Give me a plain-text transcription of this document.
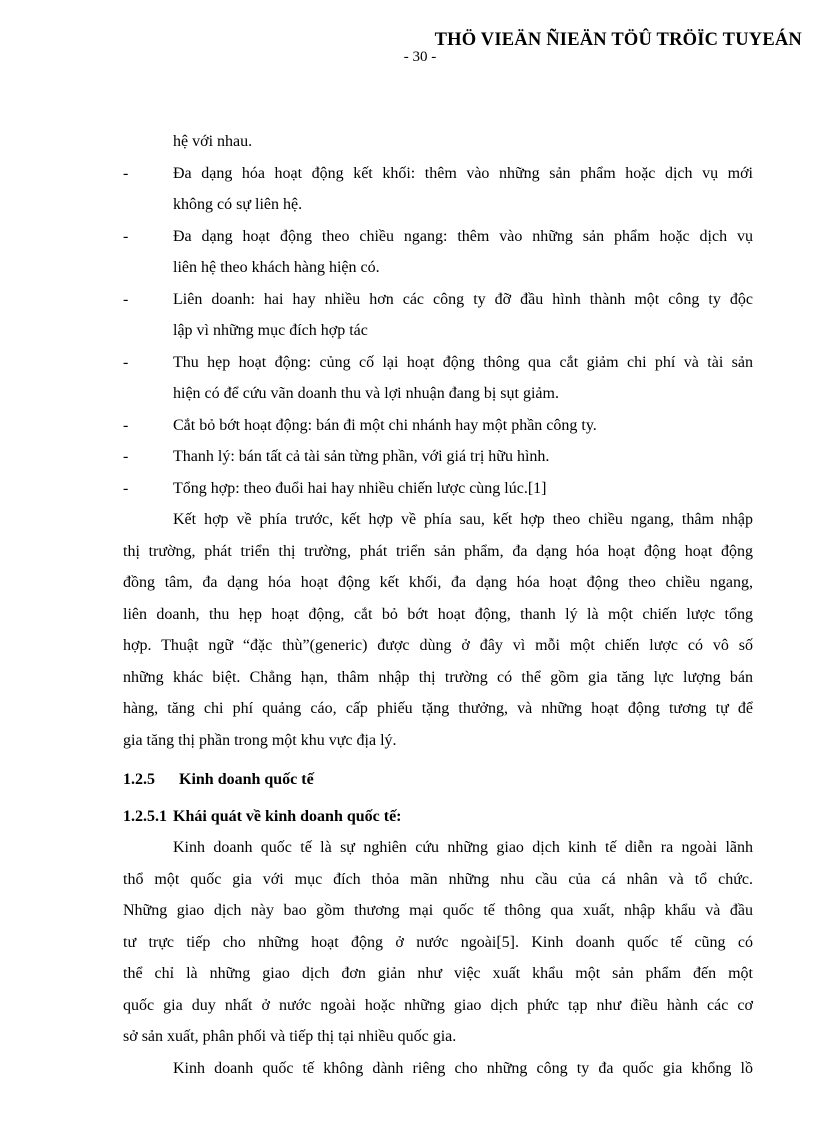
THÖ VIEÄN ÑIEÄN TÖÛ TRÖÏC TUYEÁN
- 30 -
hệ với nhau.
-	Đa dạng hóa hoạt động kết khối: thêm vào những sản phẩm hoặc dịch vụ mới
không có sự liên hệ.
-	Đa dạng hoạt động theo chiều ngang: thêm vào những sản phẩm hoặc dịch vụ
liên hệ theo khách hàng hiện có.
-	Liên doanh: hai hay nhiều hơn các công ty đỡ đầu hình thành một công ty độc
lập vì những mục đích hợp tác
-	Thu hẹp hoạt động: củng cố lại hoạt động thông qua cắt giảm chi phí và tài sản
hiện có để cứu vãn doanh thu và lợi nhuận đang bị sụt giảm.
-	Cắt bỏ bớt hoạt động: bán đi một chi nhánh hay một phần công ty.
-	Thanh lý: bán tất cả tài sản từng phần, với giá trị hữu hình.
-	Tổng hợp: theo đuổi hai hay nhiều chiến lược cùng lúc.[1]
Kết hợp về phía trước, kết hợp về phía sau, kết hợp theo chiều ngang, thâm nhập
thị trường, phát triển thị trường, phát triển sản phẩm, đa dạng hóa hoạt động hoạt động
đồng tâm, đa dạng hóa hoạt động kết khối, đa dạng hóa hoạt động theo chiều ngang,
liên doanh, thu hẹp hoạt động, cắt bỏ bớt hoạt động, thanh lý là một chiến lược tổng
hợp. Thuật ngữ “đặc thù”(generic) được dùng ở đây vì mỗi một chiến lược có vô số
những khác biệt. Chẳng hạn, thâm nhập thị trường có thể gồm gia tăng lực lượng bán
hàng, tăng chi phí quảng cáo, cấp phiếu tặng thưởng, và những hoạt động tương tự để
gia tăng thị phần trong một khu vực địa lý.
1.2.5 Kinh doanh quốc tế
1.2.5.1 Khái quát về kinh doanh quốc tế:
Kinh doanh quốc tế là sự nghiên cứu những giao dịch kinh tế diễn ra ngoài lãnh
thổ một quốc gia với mục đích thỏa mãn những nhu cầu của cá nhân và tổ chức.
Những giao dịch này bao gồm thương mại quốc tế thông qua xuất, nhập khẩu và đầu
tư trực tiếp cho những hoạt động ở nước ngoài[5]. Kinh doanh quốc tế cũng có
thể chỉ là những giao dịch đơn giản như việc xuất khẩu một sản phẩm đến một
quốc gia duy nhất ở nước ngoài hoặc những giao dịch phức tạp như điều hành các cơ
sở sản xuất, phân phối và tiếp thị tại nhiều quốc gia.
Kinh doanh quốc tế không dành riêng cho những công ty đa quốc gia khổng lồ
